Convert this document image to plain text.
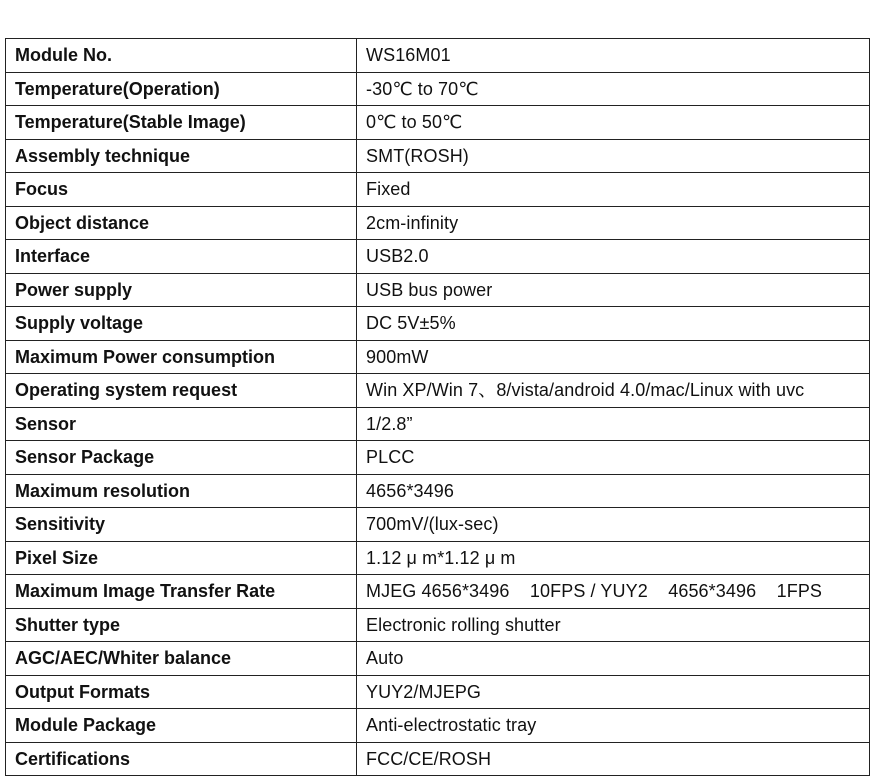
Module No.	WS16M01
Temperature(Operation)	-30℃ to 70℃
Temperature(Stable Image)	0℃ to 50℃
Assembly technique	SMT(ROSH)
Focus	Fixed
Object distance	2cm-infinity
Interface	USB2.0
Power supply	USB bus power
Supply voltage	DC 5V±5%
Maximum Power consumption	900mW
Operating system request	Win XP/Win 7、8/vista/android 4.0/mac/Linux with uvc
Sensor	1/2.8”
Sensor Package	PLCC
Maximum resolution	4656*3496
Sensitivity	700mV/(lux-sec)
Pixel Size	1.12 μ m*1.12 μ m
Maximum Image Transfer Rate	MJEG 4656*3496    10FPS / YUY2    4656*3496    1FPS
Shutter type	Electronic rolling shutter
AGC/AEC/Whiter balance	Auto
Output Formats	YUY2/MJEPG
Module Package	Anti-electrostatic tray
Certifications	FCC/CE/ROSH
